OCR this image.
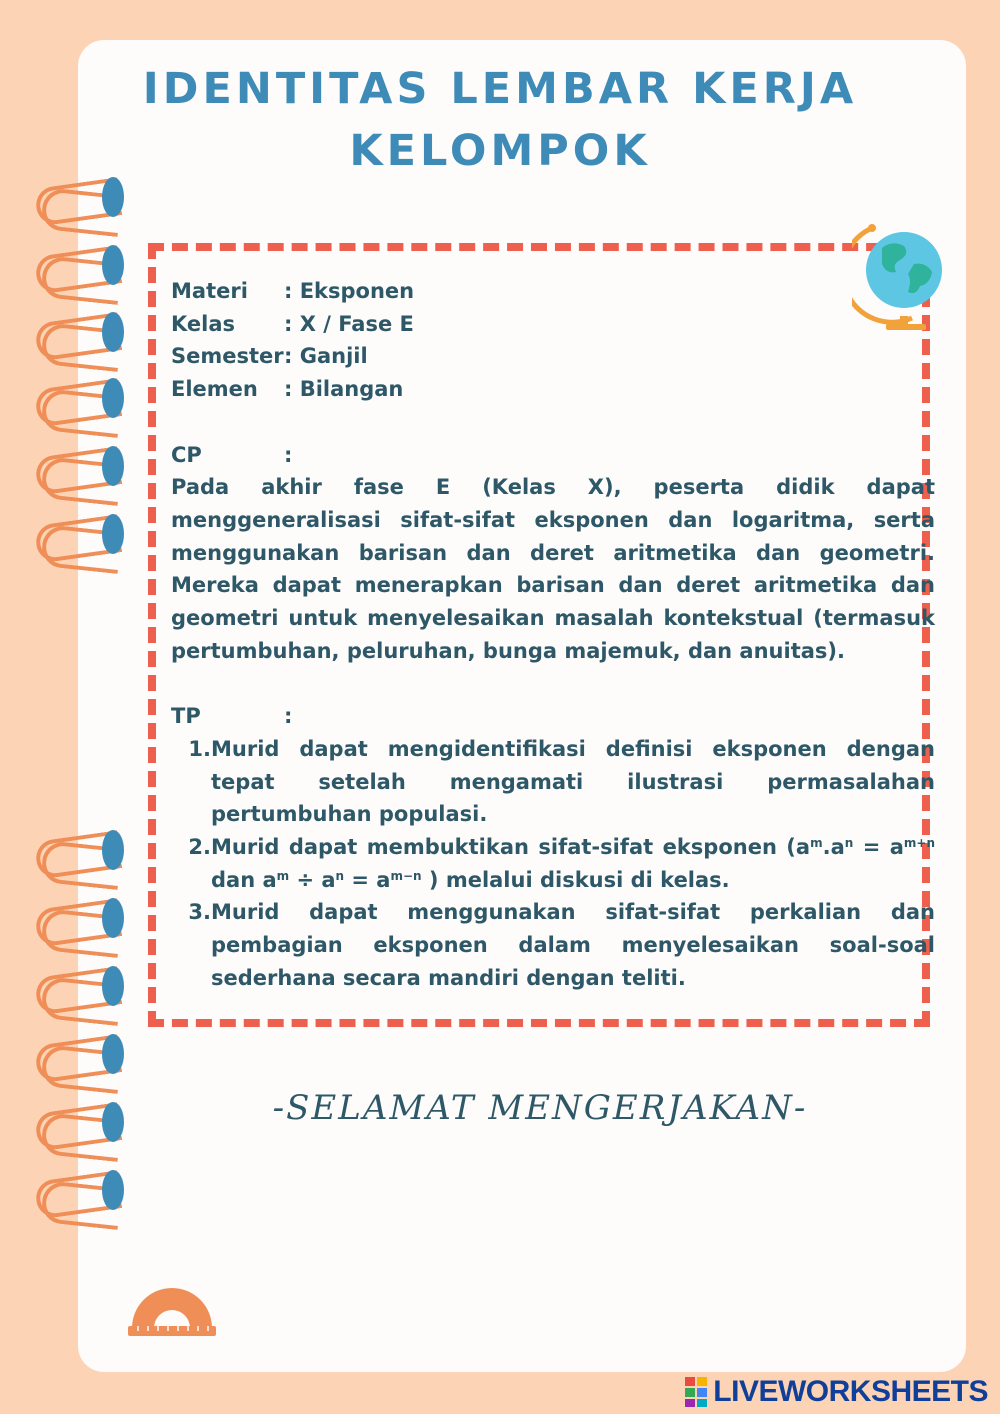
IDENTITAS LEMBAR KERJA
KELOMPOK
Materi	: Eksponen
Kelas	: X / Fase E
Semester : Ganjil
Elemen	: Bilangan
CP	:
Pada akhir fase E (Kelas X), peserta didik dapat menggeneralisasi sifat-sifat eksponen dan logaritma, serta menggunakan barisan dan deret aritmetika dan geometri. Mereka dapat menerapkan barisan dan deret aritmetika dan geometri untuk menyelesaikan masalah kontekstual (termasuk pertumbuhan, peluruhan, bunga majemuk, dan anuitas).
TP	:
1. Murid dapat mengidentifikasi definisi eksponen dengan tepat setelah mengamati ilustrasi permasalahan pertumbuhan populasi.
2. Murid dapat membuktikan sifat-sifat eksponen ($a^m.a^n = a^{m+n}$ dan $a^m \div a^n = a^{m-n}$ ) melalui diskusi di kelas.
3. Murid dapat menggunakan sifat-sifat perkalian dan pembagian eksponen dalam menyelesaikan soal-soal sederhana secara mandiri dengan teliti.
-SELAMAT MENGERJAKAN-
LIVEWORKSHEETS
